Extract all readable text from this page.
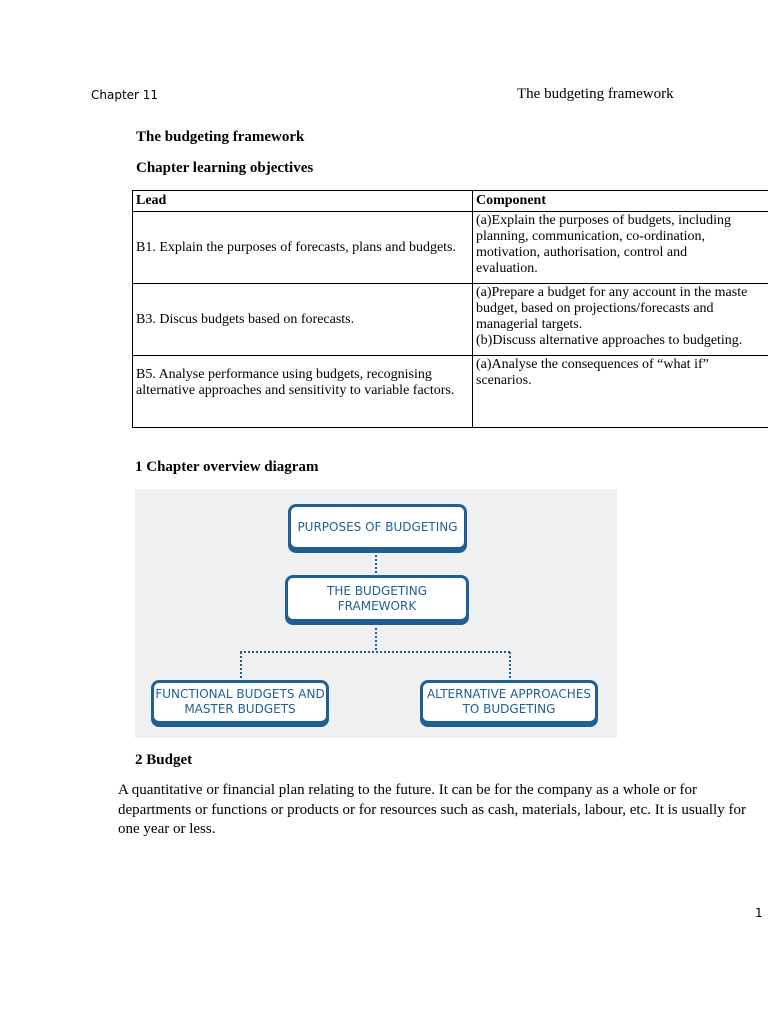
Chapter 11	The budgeting framework
The budgeting framework
Chapter learning objectives
Lead	Component
B1. Explain the purposes of forecasts, plans and budgets.	(a)Explain the purposes of budgets, including
planning, communication, co-ordination,
motivation, authorisation, control and
evaluation.

B3. Discus budgets based on forecasts.	(a)Prepare a budget for any account in the maste
budget, based on projections/forecasts and
managerial targets.
(b)Discuss alternative approaches to budgeting.

B5. Analyse performance using budgets, recognising alternative approaches and sensitivity to variable factors.	(a)Analyse the consequences of “what if”
scenarios.
1 Chapter overview diagram
PURPOSES OF BUDGETING
THE BUDGETING FRAMEWORK
FUNCTIONAL BUDGETS AND
MASTER BUDGETS
ALTERNATIVE APPROACHES
TO BUDGETING
2 Budget
A quantitative or financial plan relating to the future. It can be for the company as a whole or for departments or functions or products or for resources such as cash, materials, labour, etc. It is usually for one year or less.
1
